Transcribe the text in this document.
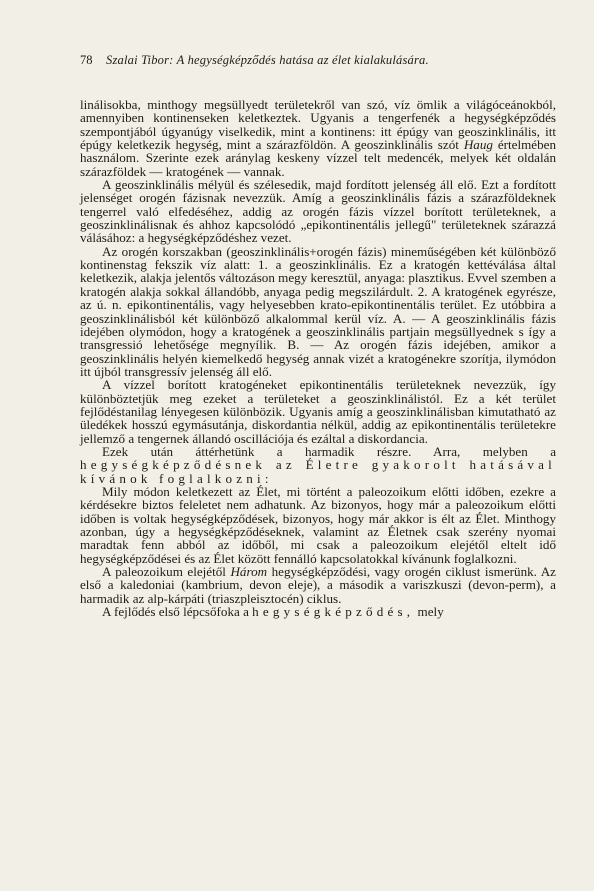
78	Szalai Tibor: A hegységképződés hatása az élet kialakulására.

linálisokba, minthogy megsüllyedt területekről van szó, víz ömlik a világóceánokból, amennyiben kontinenseken keletkeztek. Ugyanis a tengerfenék a hegységképződés szempontjából úgyanúgy viselkedik, mint a kontinens: itt épúgy van geoszinklinális, itt épúgy keletkezik hegység, mint a szárazföldön. A geoszinklinális szót Haug értelmében használom. Szerinte ezek aránylag keskeny vízzel telt medencék, melyek két oldalán szárazföldek — kratogének — vannak.

A geoszinklinális mélyül és szélesedik, majd fordított jelenség áll elő. Ezt a fordított jelenséget orogén fázisnak nevezzük. Amíg a geoszinklinális fázis a szárazföldeknek tengerrel való elfedéséhez, addig az orogén fázis vízzel borított területeknek, a geoszinklinálisnak és ahhoz kapcsolódó „epikontinentális jellegű" területeknek szárazzá válásához: a hegységképződéshez vezet.

Az orogén korszakban (geoszinklinális+orogén fázis) mineműségében két különböző kontinenstag fekszik víz alatt: 1. a geoszinklinális. Ez a kratogén kettéválása által keletkezik, alakja jelentős változáson megy keresztül, anyaga: plasztikus. Evvel szemben a kratogén alakja sokkal állandóbb, anyaga pedig megszilárdult. 2. A kratogének egyrésze, az ú. n. epikontinentális, vagy helyesebben krato-epikontinentális terület. Ez utóbbira a geoszinklinálisból két különböző alkalommal kerül víz. A. — A geoszinklinális fázis idejében olymódon, hogy a kratogének a geoszinklinális partjain megsüllyednek s így a transgressió lehetősége megnyílik. B. — Az orogén fázis idejében, amikor a geoszinklinális helyén kiemelkedő hegység annak vizét a kratogénekre szorítja, ilymódon itt újból transgressív jelenség áll elő.

A vízzel borított kratogéneket epikontinentális területeknek nevezzük, így különböztetjük meg ezeket a területeket a geoszinklinálistól. Ez a két terület fejlődéstanilag lényegesen különbözik. Ugyanis amíg a geoszinklinálisban kimutatható az üledékek hosszú egymásutánja, diskordantia nélkül, addig az epikontinentális területekre jellemző a tengernek állandó oscillációja és ezáltal a diskordancia.

Ezek után áttérhetünk a harmadik részre. Arra, melyben a hegységképződésnek az Életre gyakorolt hatásával kívánok foglalkozni:

Mily módon keletkezett az Élet, mi történt a paleozoikum előtti időben, ezekre a kérdésekre biztos feleletet nem adhatunk. Az bizonyos, hogy már a paleozoikum előtti időben is voltak hegységképződések, bizonyos, hogy már akkor is élt az Élet. Minthogy azonban, úgy a hegységképződéseknek, valamint az Életnek csak szerény nyomai maradtak fenn abból az időből, mi csak a paleozoikum elejétől eltelt idő hegységképződései és az Élet között fennálló kapcsolatokkal kívánunk foglalkozni.

A paleozoikum elejétől Három hegységképződési, vagy orogén ciklust ismerünk. Az első a kaledoniai (kambrium, devon eleje), a második a variszkuszi (devon-perm), a harmadik az alp-kárpáti (triaszpleisztocén) ciklus.

A fejlődés első lépcsőfoka a hegységképződés, mely
